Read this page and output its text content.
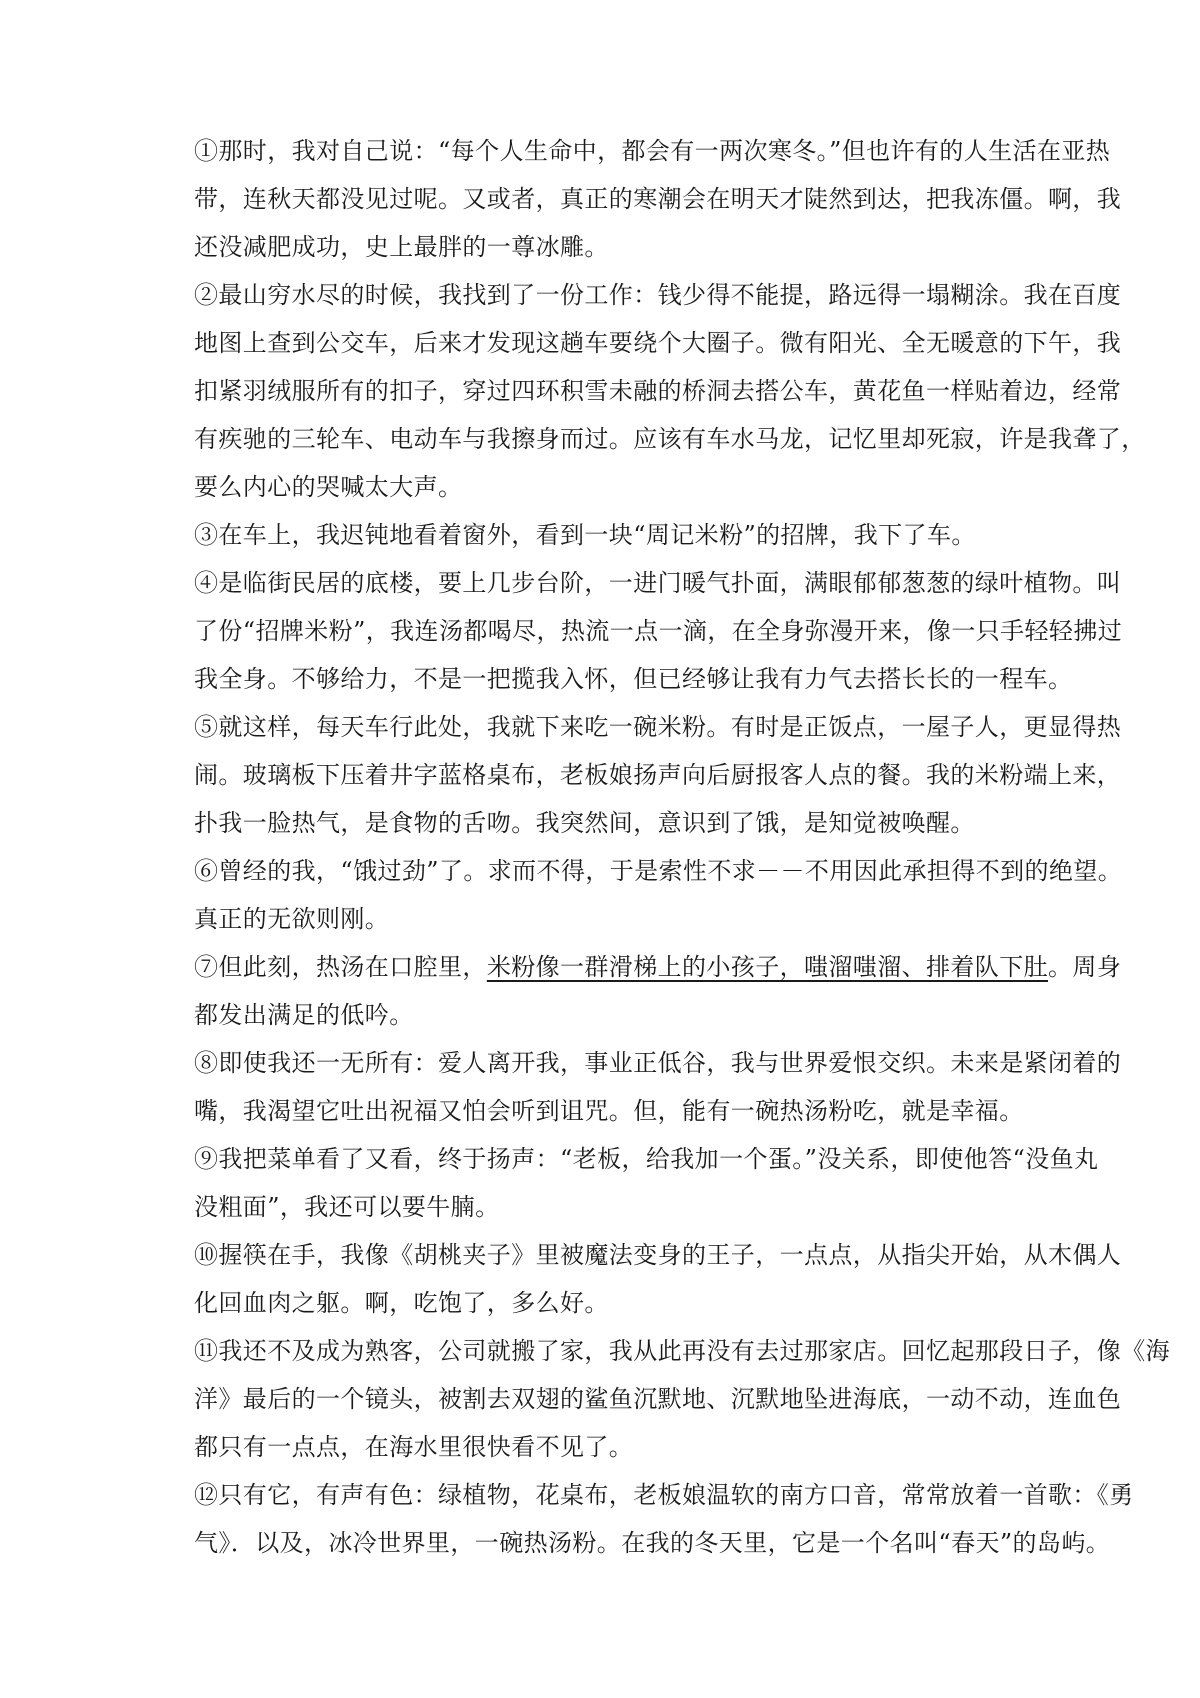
①那时，我对自己说：“每个人生命中，都会有一两次寒冬。”但也许有的人生活在亚热
带，连秋天都没见过呢。又或者，真正的寒潮会在明天才陡然到达，把我冻僵。啊，我
还没减肥成功，史上最胖的一尊冰雕。
②最山穷水尽的时候，我找到了一份工作：钱少得不能提，路远得一塌糊涂。我在百度
地图上查到公交车，后来才发现这趟车要绕个大圈子。微有阳光、全无暖意的下午，我
扣紧羽绒服所有的扣子，穿过四环积雪未融的桥洞去搭公车，黄花鱼一样贴着边，经常
有疾驰的三轮车、电动车与我擦身而过。应该有车水马龙，记忆里却死寂，许是我聋了，
要么内心的哭喊太大声。
③在车上，我迟钝地看着窗外，看到一块“周记米粉”的招牌，我下了车。
④是临街民居的底楼，要上几步台阶，一进门暖气扑面，满眼郁郁葱葱的绿叶植物。叫
了份“招牌米粉”，我连汤都喝尽，热流一点一滴，在全身弥漫开来，像一只手轻轻拂过
我全身。不够给力，不是一把揽我入怀，但已经够让我有力气去搭长长的一程车。
⑤就这样，每天车行此处，我就下来吃一碗米粉。有时是正饭点，一屋子人，更显得热
闹。玻璃板下压着井字蓝格桌布，老板娘扬声向后厨报客人点的餐。我的米粉端上来，
扑我一脸热气，是食物的舌吻。我突然间，意识到了饿，是知觉被唤醒。
⑥曾经的我，“饿过劲”了。求而不得，于是索性不求－－不用因此承担得不到的绝望。
真正的无欲则刚。
⑦但此刻，热汤在口腔里，米粉像一群滑梯上的小孩子，嗤溜嗤溜、排着队下肚。周身
都发出满足的低吟。
⑧即使我还一无所有：爱人离开我，事业正低谷，我与世界爱恨交织。未来是紧闭着的
嘴，我渴望它吐出祝福又怕会听到诅咒。但，能有一碗热汤粉吃，就是幸福。
⑨我把菜单看了又看，终于扬声：“老板，给我加一个蛋。”没关系，即使他答“没鱼丸
没粗面”，我还可以要牛腩。
⑩握筷在手，我像《胡桃夹子》里被魔法变身的王子，一点点，从指尖开始，从木偶人
化回血肉之躯。啊，吃饱了，多么好。
⑪我还不及成为熟客，公司就搬了家，我从此再没有去过那家店。回忆起那段日子，像《海
洋》最后的一个镜头，被割去双翅的鲨鱼沉默地、沉默地坠进海底，一动不动，连血色
都只有一点点，在海水里很快看不见了。
⑫只有它，有声有色：绿植物，花桌布，老板娘温软的南方口音，常常放着一首歌：《勇
气》．以及，冰冷世界里，一碗热汤粉。在我的冬天里，它是一个名叫“春天”的岛屿。
